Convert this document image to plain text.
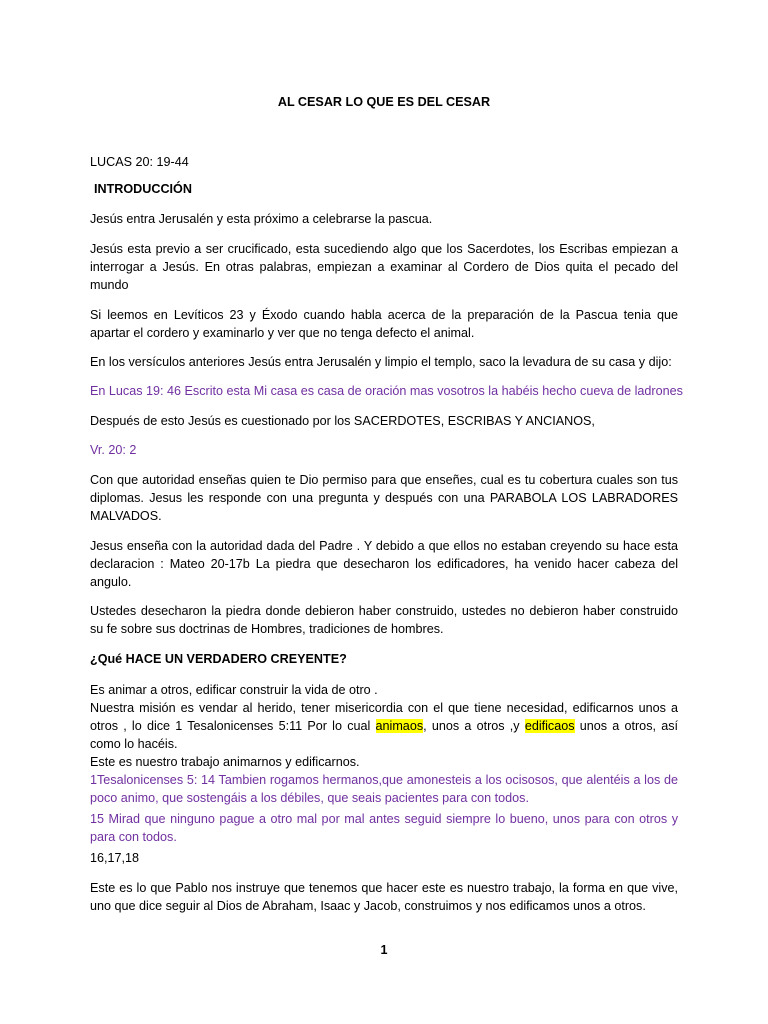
AL CESAR LO QUE ES DEL CESAR
LUCAS 20: 19-44
INTRODUCCIÓN
Jesús entra Jerusalén y esta próximo a celebrarse la pascua.
Jesús esta previo a ser crucificado, esta sucediendo algo que los Sacerdotes, los Escribas empiezan a interrogar a Jesús. En otras palabras, empiezan a examinar al Cordero de Dios quita el pecado del mundo
Si leemos en Levíticos 23 y Éxodo cuando habla acerca de la preparación de la Pascua tenia que apartar el cordero y examinarlo y ver que no tenga defecto el animal.
En los versículos anteriores Jesús entra Jerusalén y limpio el templo, saco la levadura de su casa y dijo:
En Lucas 19: 46 Escrito esta Mi casa es casa de oración mas vosotros la habéis hecho cueva de ladrones
Después de esto Jesús es cuestionado por los SACERDOTES, ESCRIBAS Y ANCIANOS,
Vr. 20: 2
Con que autoridad enseñas quien te Dio permiso para que enseñes, cual es tu cobertura cuales son tus diplomas. Jesus les responde con una pregunta y después con una PARABOLA LOS LABRADORES MALVADOS.
Jesus enseña con la autoridad dada del Padre . Y debido a que ellos no estaban creyendo su hace esta declaracion : Mateo 20-17b La piedra que desecharon los edificadores, ha venido hacer cabeza del angulo.
Ustedes desecharon la piedra donde debieron haber construido, ustedes no debieron haber construido su fe sobre sus doctrinas de Hombres, tradiciones de hombres.
¿Qué HACE UN VERDADERO CREYENTE?
Es animar a otros, edificar construir la vida de otro .
Nuestra misión es vendar al herido, tener misericordia con el que tiene necesidad, edificarnos unos a otros , lo dice 1 Tesalonicenses 5:11 Por lo cual animaos, unos a otros ,y edificaos unos a otros, así como lo hacéis.
Este es nuestro trabajo animarnos y edificarnos.
1Tesalonicenses 5: 14 Tambien rogamos hermanos,que amonesteis a los ocisosos, que alentéis a los de poco animo, que sostengáis a los débiles, que seais pacientes para con todos.
15 Mirad que ninguno pague a otro mal por mal antes seguid siempre lo bueno, unos para con otros y para con todos.
16,17,18
Este es lo que Pablo nos instruye que tenemos que hacer este es nuestro trabajo, la forma en que vive, uno que dice seguir al Dios de Abraham, Isaac y Jacob, construimos y nos edificamos unos a otros.
1
